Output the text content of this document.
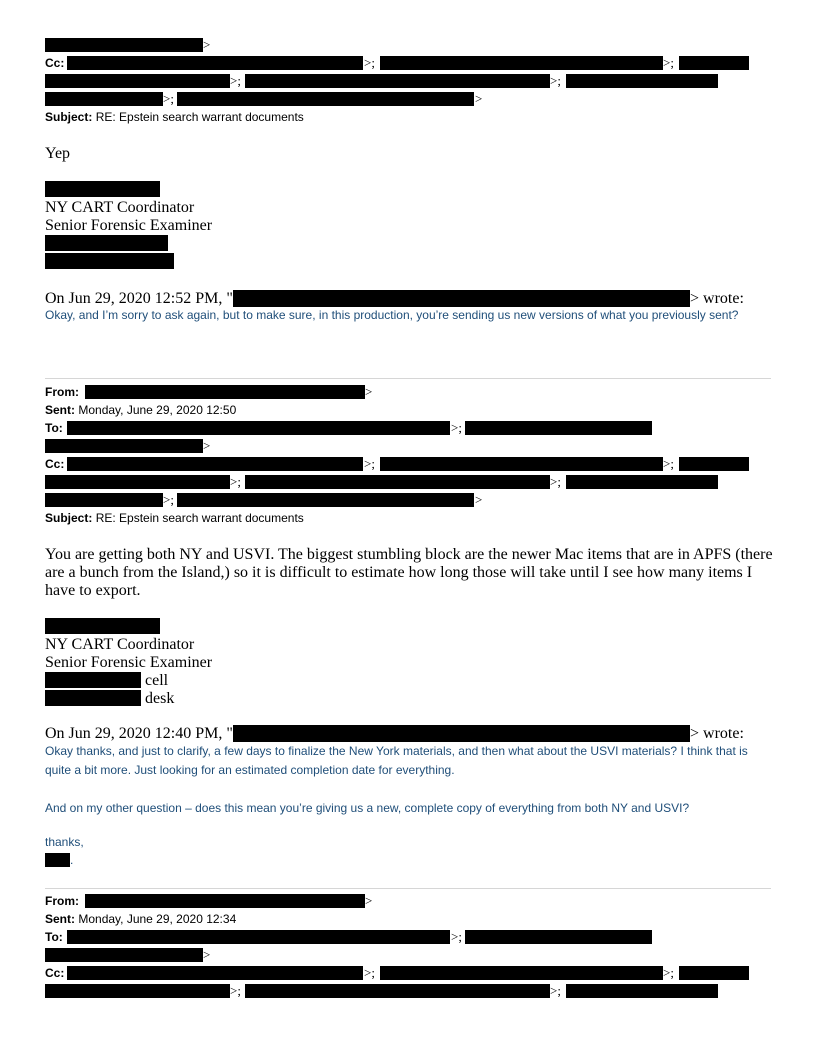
>
Cc:	>;	>;
>;	>;
>;	>
Subject: RE: Epstein search warrant documents
Yep
NY CART Coordinator
Senior Forensic Examiner
On Jun 29, 2020 12:52 PM, "	> wrote:
Okay, and I’m sorry to ask again, but to make sure, in this production, you’re sending us new versions of what you previously sent?
From:	>
Sent: Monday, June 29, 2020 12:50
To:	>;
>
Cc:	>;	>;
>;	>;
>;	>
Subject: RE: Epstein search warrant documents
You are getting both NY and USVI. The biggest stumbling block are the newer Mac items that are in APFS (there are a bunch from the Island,) so it is difficult to estimate how long those will take until I see how many items I have to export.
NY CART Coordinator
Senior Forensic Examiner
cell
desk
On Jun 29, 2020 12:40 PM, "	> wrote:
Okay thanks, and just to clarify, a few days to finalize the New York materials, and then what about the USVI materials? I think that is quite a bit more. Just looking for an estimated completion date for everything.
And on my other question – does this mean you’re giving us a new, complete copy of everything from both NY and USVI?
thanks,
.
From:	>
Sent: Monday, June 29, 2020 12:34
To:	>;
>
Cc:	>;	>;
>;	>;
